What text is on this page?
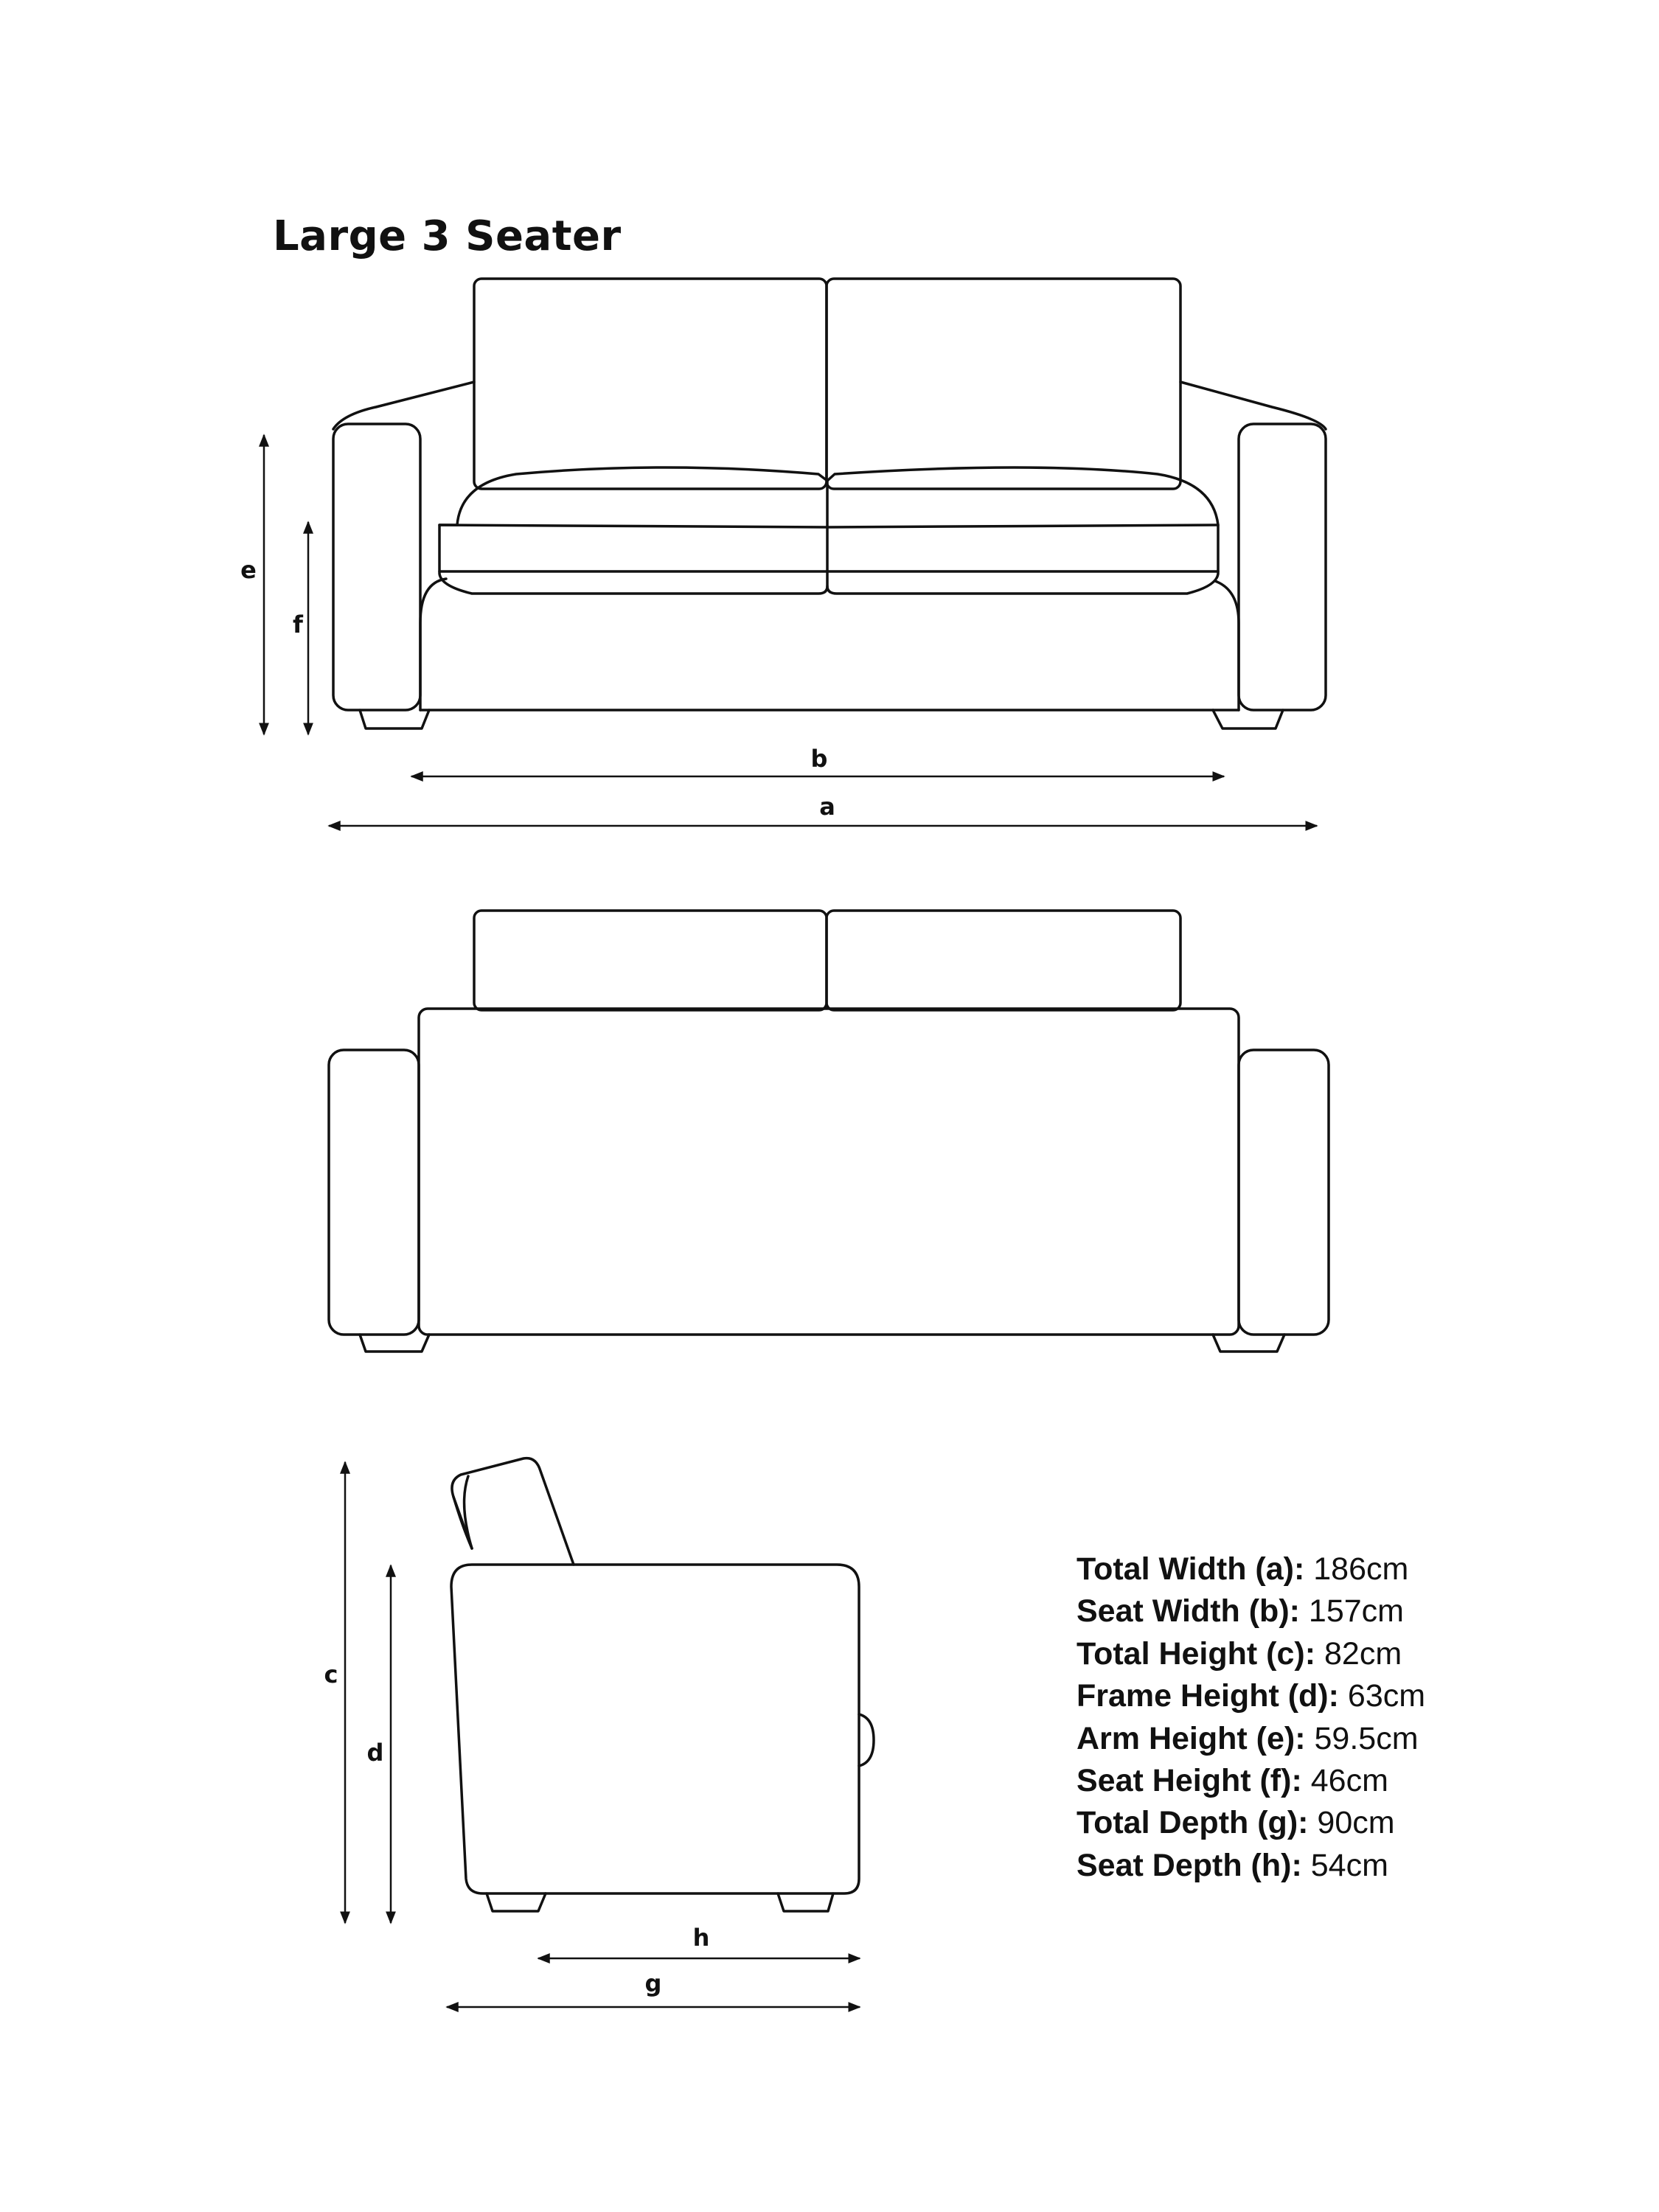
Large 3 Seater
e
f
b
a
c
d
h
g
Total Width (a): 186cm
Seat Width (b): 157cm
Total Height (c): 82cm
Frame Height (d): 63cm
Arm Height (e): 59.5cm
Seat Height (f): 46cm
Total Depth (g): 90cm
Seat Depth (h): 54cm
